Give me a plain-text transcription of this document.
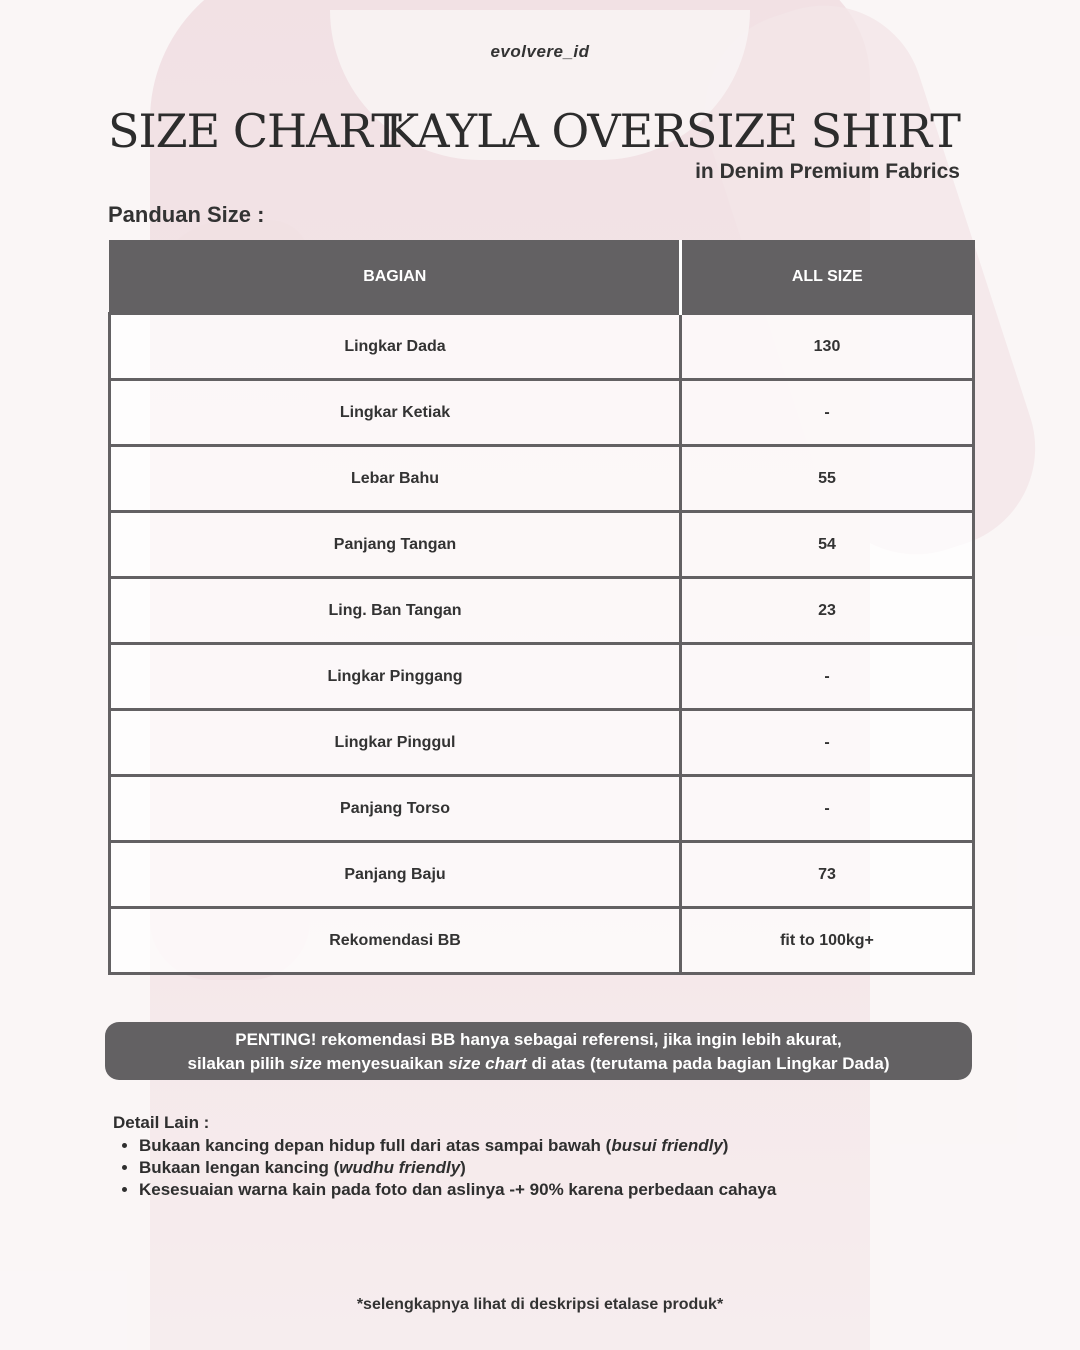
evolvere_id
SIZE CHART
KAYLA OVERSIZE SHIRT
in Denim Premium Fabrics
Panduan Size :
BAGIAN	ALL SIZE
Lingkar Dada	130
Lingkar Ketiak	-
Lebar Bahu	55
Panjang Tangan	54
Ling. Ban Tangan	23
Lingkar Pinggang	-
Lingkar Pinggul	-
Panjang Torso	-
Panjang Baju	73
Rekomendasi BB	fit to 100kg+
PENTING! rekomendasi BB hanya sebagai referensi, jika ingin lebih akurat,
silakan pilih size menyesuaikan size chart di atas (terutama pada bagian Lingkar Dada)
Detail Lain :
• Bukaan kancing depan hidup full dari atas sampai bawah (busui friendly)
• Bukaan lengan kancing (wudhu friendly)
• Kesesuaian warna kain pada foto dan aslinya -+ 90% karena perbedaan cahaya
*selengkapnya lihat di deskripsi etalase produk*
